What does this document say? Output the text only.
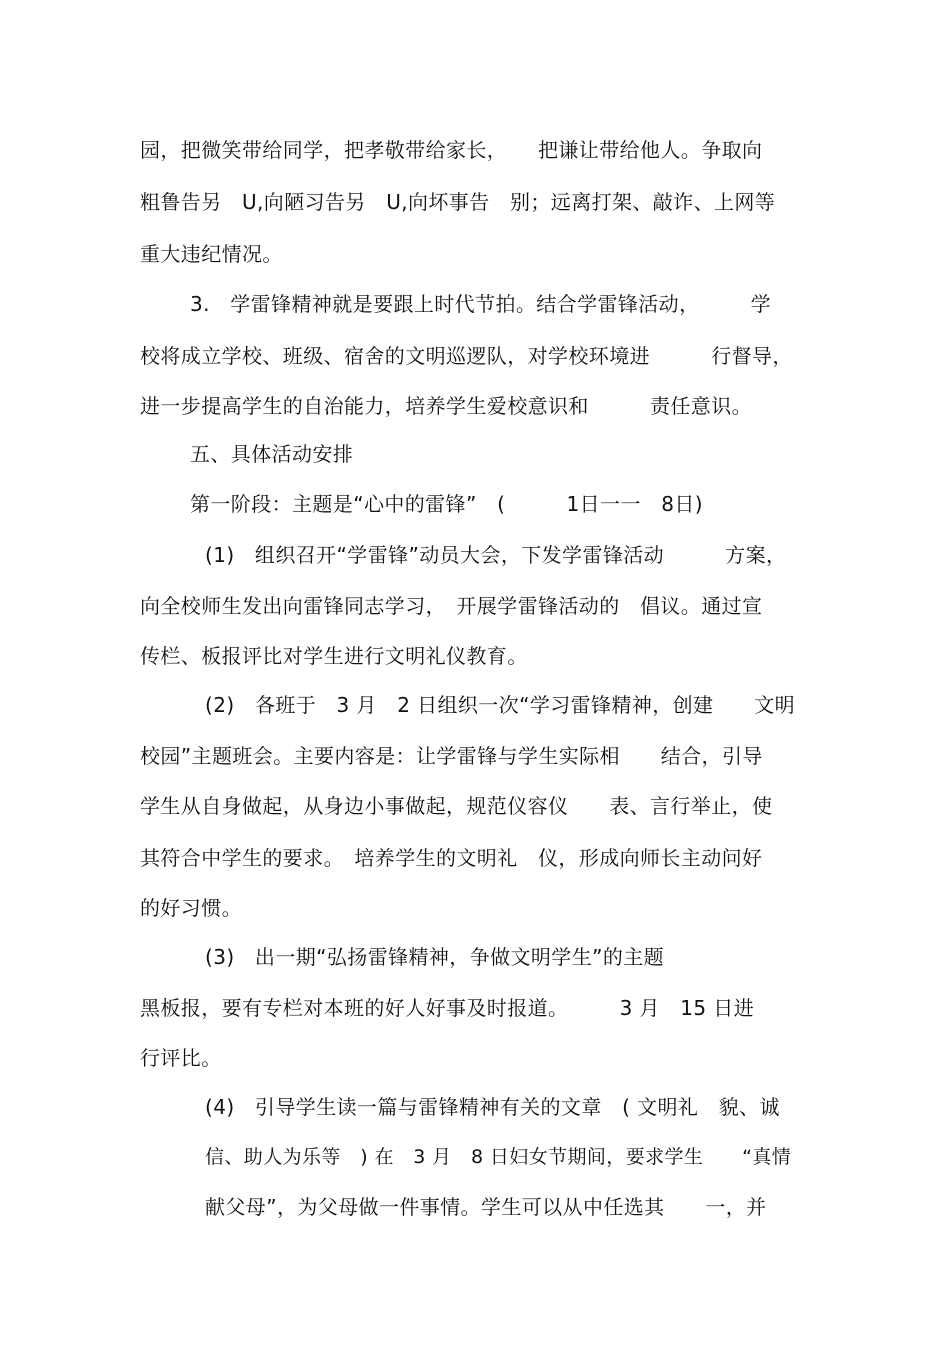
园，把微笑带给同学，把孝敬带给家长，　　把谦让带给他人。争取向
粗鲁告另　U,向陋习告另　U,向坏事告　别；远离打架、敲诈、上网等
重大违纪情况。
3.　学雷锋精神就是要跟上时代节拍。结合学雷锋活动，　　　学
校将成立学校、班级、宿舍的文明巡逻队，对学校环境进　　　行督导，
进一步提高学生的自治能力，培养学生爱校意识和　　　责任意识。
五、具体活动安排
第一阶段：主题是“心中的雷锋”　(　　　1日一一　8日)
(1)　组织召开“学雷锋”动员大会，下发学雷锋活动　　　方案，
向全校师生发出向雷锋同志学习，　开展学雷锋活动的　倡议。通过宣
传栏、板报评比对学生进行文明礼仪教育。
(2)　各班于　3 月　2 日组织一次“学习雷锋精神，创建　　文明
校园”主题班会。主要内容是：让学雷锋与学生实际相　　结合，引导
学生从自身做起，从身边小事做起，规范仪容仪　　表、言行举止，使
其符合中学生的要求。　培养学生的文明礼　仪，形成向师长主动问好
的好习惯。
(3)　出一期“弘扬雷锋精神，争做文明学生”的主题
黑板报，要有专栏对本班的好人好事及时报道。　　　3 月　15 日进
行评比。
(4)　引导学生读一篇与雷锋精神有关的文章　( 文明礼　貌、诚
信、助人为乐等　) 在　3 月　8 日妇女节期间，要求学生　　“真情
献父母”，为父母做一件事情。学生可以从中任选其　　一，并
